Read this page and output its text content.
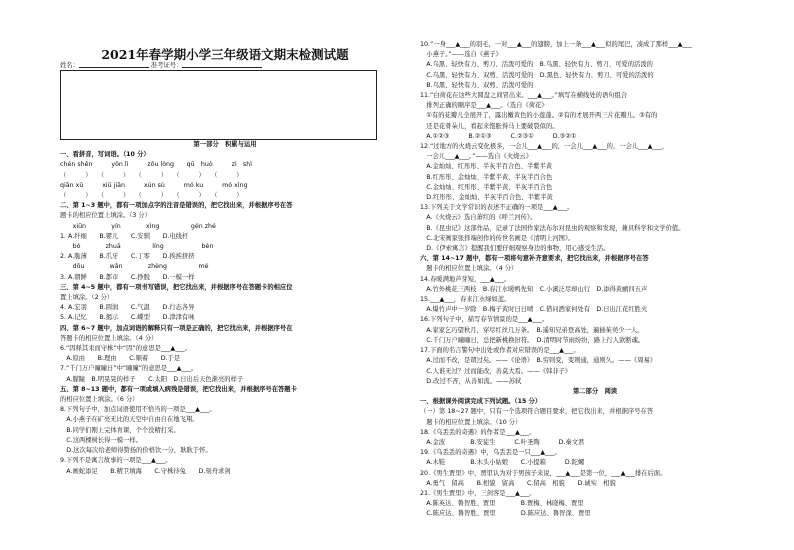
2021年春学期小学三年级语文期末检测试题
姓名：	准考证号：
第一部分　积累与运用
一、看拼音，写词语。（10 分）
chén shēn　　　yōn lì　　　zōu lòng　　qū　huò　　　zì　shì
（　　　）　　（　　　）　　（　　　）　　（　　　）　　（　　　）
qiān xū　　　xiū jiān　　　xún sù　　　mó ku　　　mó xìng
（　　　）　　（　　　）　　（　　　）　　（　　　）　　（　　　）
二、第 1~3 题中，都有一项加点字的注音是错误的，把它找出来，并根据序号在答
题卡的相应位置上填涂。（3 分）
　　xiūn　　　　yín　　　　xìng　　　　　gén zhé
1. A.纤细　　B.婴儿　　C.安驯　　D.电线杆
　　bó　　　　zhuā　　　　　líng　　　　　　bèn
2. A.脆薄　　B.爪牙　　C.丁零　　D.挨挨挤挤
　　dōu　　　　wǎn　　　　zhèng　　　　　mé
3. A.朝鲜　　B.都市　　C.挣脱　　D.一模一样
三、第 4~5 题中，都有一项书写错误，把它找出来，并根据序号在答题卡的相应位
置上填涂。（2 分）
4. A.宏羽　　B.圆润　　C.气温　　D.行态各异
5. A.记忆　　B.揭示　　C.蝶型　　D.津津有味
四、第 6~7 题中，加点词语的解释只有一项是正确的，把它找出来，并根据序号在
答题卡的相应位置上填涂。（4 分）
6.“因释其耒而守株”中“因”的意思是___▲___。
　A.原由　　B.理由　　C.顺着　　D.于是
7.“千门万户曈曈日”中“曈曈”的意思是___▲___。
　A.朦瞳　B.明晃晃的样子　　C.太阳　D.日出后天色渐亮的样子
五、第 8~13 题中，都有一项或填入病残是错误，把它找出来，并根据序号在答题卡
的相应位置上填涂。（6 分）
8.下列句子中，加点词语使用不恰当的一项是___▲___。
　A.小燕子在矿亮无比的天空中自由自在地飞翔。
　B.同学们刚上完体育课，个个没精打采。
　C.这两棵树长得一模一样。
　D.这次每次给老师得赞扬的价格饮一分，耿耿于怀。
9.下列不是寓言故事的一项是___▲___。
　A.画蛇添足　　B.精卫填海　　C.守株待兔　　D.刻舟求剑
10.“一身___▲___的羽毛，一对___▲___的翅膀，加上一条___▲___似的尾巴，凑成了那样___▲___
　小燕子。”——选自《燕子》
　A.乌黑、轻快有力、剪刀、活泼可爱的　B.乌黑、轻快有力、剪刀、可爱的活泼的
　C.乌黑、轻快有力、双剪、活泼可爱的　D.黑色、轻快有力、剪刀、可爱的活泼的
　B.乌黑、轻快有力、双剪、活泼可爱的
11.“白荷花在这些大圆盘之间冒出来。___▲___。”填写在横线处的语句组合
　排列正确的顺序是___▲___。（选自《荷花》
　①有的花瓣儿全展开了，露出嫩黄色的小莲蓬。②有的才展开两三片花瓣儿。③有的
　还是花骨朵儿，看起来饱胀得马上要破裂似的。
　A.①②③　　　B.②①③　　　C.②③①　　　D.③②①
12.“过地方的火烧云变化极多，一会儿___▲___的，一会儿___▲___的，一会儿___▲___，
　一会儿___▲___。”——选自《火烧云》
　A.金灿灿、红彤彤、半灰半百合色、半紫半黄
　B.红彤彤、金灿灿、半紫半黄、半灰半百合色
　C.金灿灿、红彤彤、半紫半黄、半灰半百合色
　D.红彤彤、金灿灿、半灰半百合色、半紫半黄
13.下列关于文学常识的表述不正确的一项是___▲___。
　A.《火烧云》选自萧红的《呼兰河传》。
　B.《昆虫记》这部作品，记录了法国作家法布尔对昆虫的观察和发现，兼具科学和文学价值。
　C.北宋画家张择端创作的传世名画是《清明上河图》。
　D.《伊索寓言》提醒我们要仔细观察身边的事物，用心感受生活。
六、第 14~17 题中，都有一项将句意补齐意要求，把它找出来，并根据序号在答
　题卡的相应位置上填涂。（4 分）
14.春暖满地芦芽短，___▲___。
　A.竹外桃花三两枝　B.春江水暖鸭先知　C.小溪泛尽却山行　D.添得黄鹂四五声
15.___▲___，春来江水绿如蓝。
　A.爆竹声中一岁除　B.梅子黄时日日晴　C.借问酒家何处有　D.日出江花红胜火
16.下列句子中，描写春节情景的是___▲___。
　A.家家乞巧望秋月，穿尽红丝几万条。　B.遥知兄弟登高处，遍插茱萸少一人。
　C.千门万户曈曈日，总把新桃换旧符。　D.清明时节雨纷纷，路上行人欲断魂。
17.下面的名言警句中出处或作者对应错误的是___▲___。
　A.过而不改，是谓过矣。——《论语》　B.穷则变，变则通，通则久。——《周易》
　C.人谁无过？过而能改，善莫大焉。——《韩非子》
　D.改过不吝，从善如流。——苏轼
第二部分　阅读
一、根据课外阅读完成下列试题。（15 分）
（一）第 18~27 题中，只有一个选项符合题目要求，把它找出来，并根据序号在答
　题卡的相应位置上填涂。（10 分）
18.《乌丢丢的奇遇》的作者是___▲___。
　A.金波　　　　B.安徒生　　　C.叶圣陶　　　D.秦文君
19.《乌丢丢的奇遇》中，乌丢丢是一只___▲___。
　A.木鞋　　　　B.木头小姑娘　　C.小提箱　　　D.陀螺
20.《男生贾里》中，贾里认为对于男孩子来说，___▲___是第一位，___▲___排在后面。
　A.勇气　留高　　B.相貌　留高　　C.留高　相貌　　D.诚实　相貌
21.《男生贾里》中，三剑客是___▲___。
　A.陈英达、鲁智胜、贾里　　　　B.贾梅、林晓梅、贾里
　C.陈应达、鲁智胜、贾里　　　　D.陈应达、鲁智深、贾里
